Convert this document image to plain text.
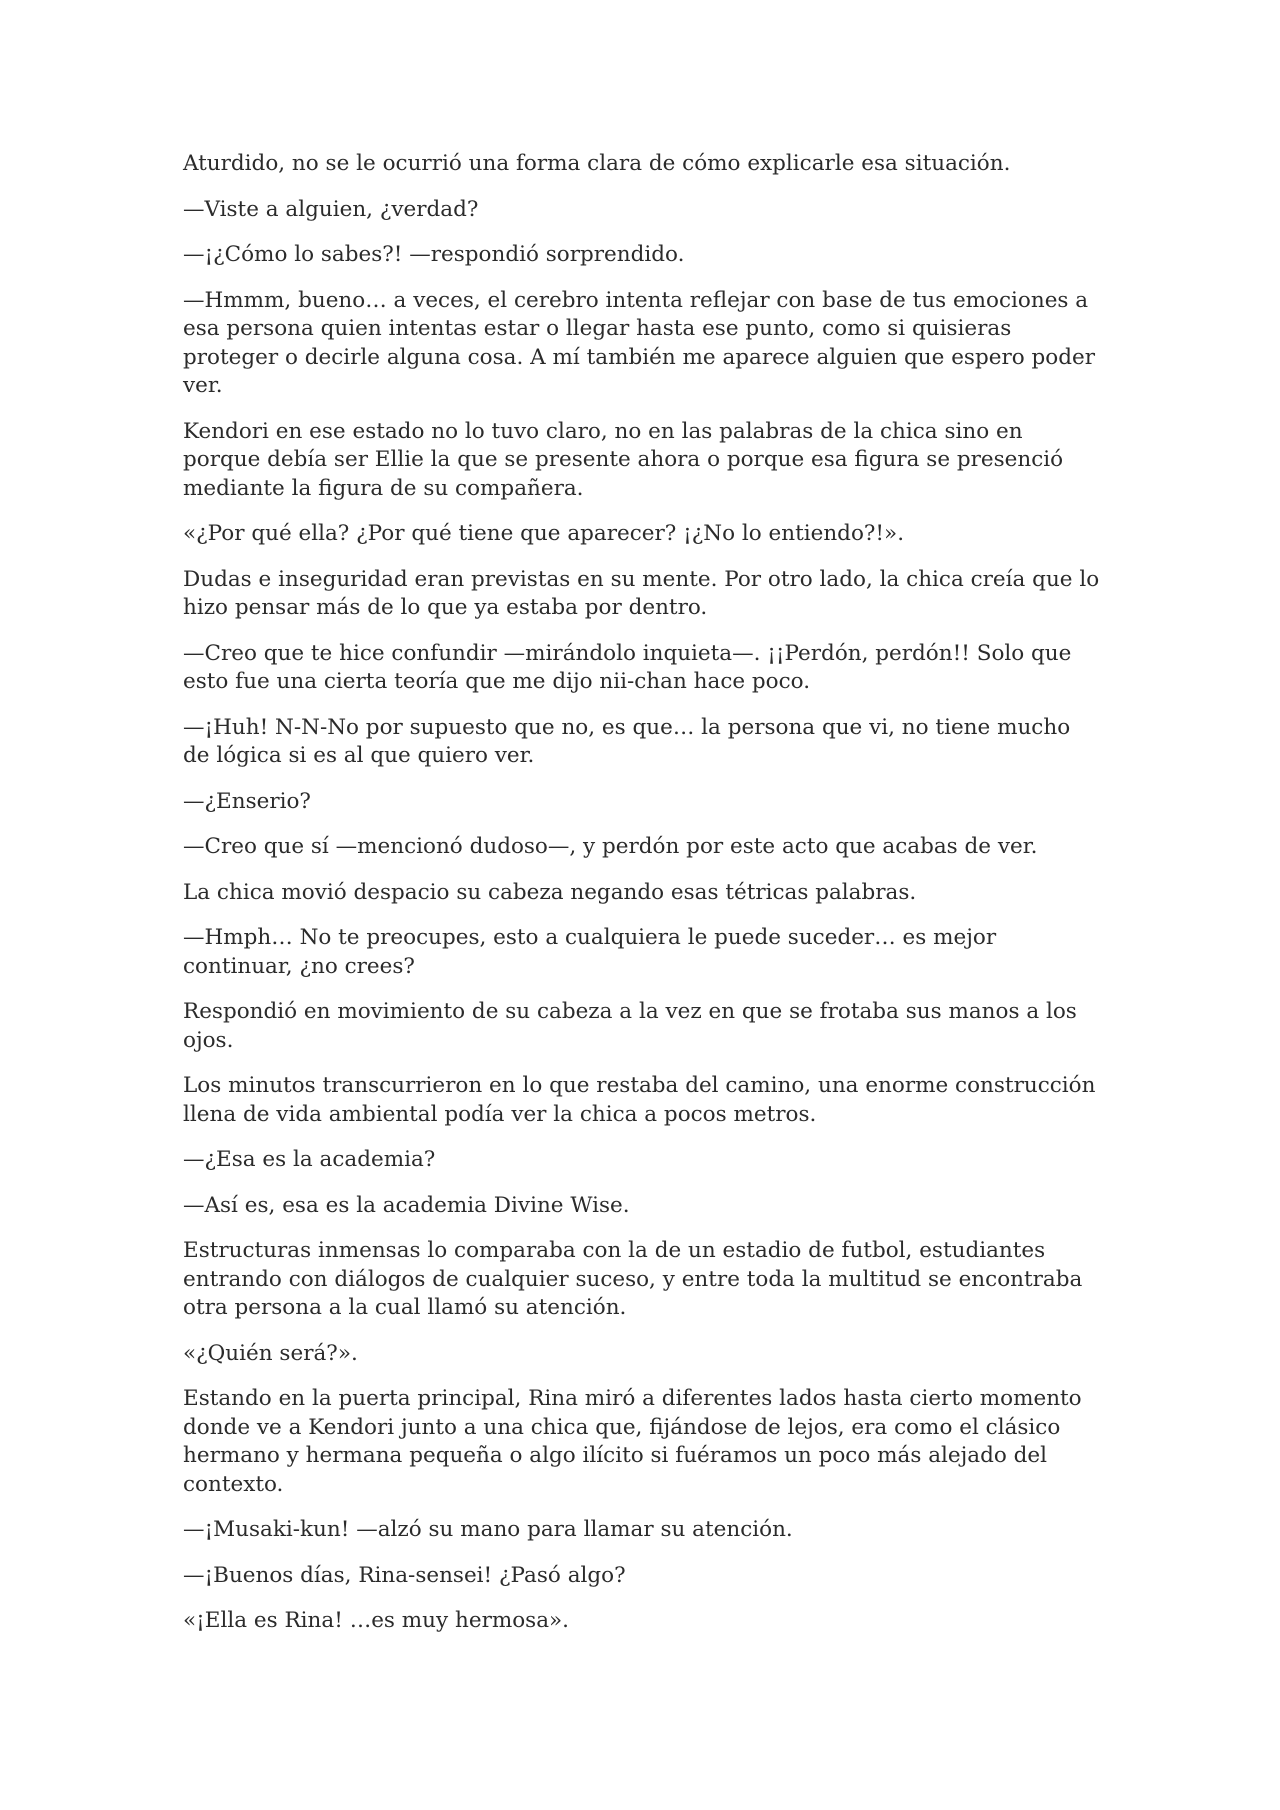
Aturdido, no se le ocurrió una forma clara de cómo explicarle esa situación.

—Viste a alguien, ¿verdad?

—¡¿Cómo lo sabes?! —respondió sorprendido.

—Hmmm, bueno… a veces, el cerebro intenta reflejar con base de tus emociones a esa persona quien intentas estar o llegar hasta ese punto, como si quisieras proteger o decirle alguna cosa. A mí también me aparece alguien que espero poder ver.

Kendori en ese estado no lo tuvo claro, no en las palabras de la chica sino en porque debía ser Ellie la que se presente ahora o porque esa figura se presenció mediante la figura de su compañera.

«¿Por qué ella? ¿Por qué tiene que aparecer? ¡¿No lo entiendo?!».

Dudas e inseguridad eran previstas en su mente. Por otro lado, la chica creía que lo hizo pensar más de lo que ya estaba por dentro.

—Creo que te hice confundir —mirándolo inquieta—. ¡¡Perdón, perdón!! Solo que esto fue una cierta teoría que me dijo nii-chan hace poco.

—¡Huh! N-N-No por supuesto que no, es que… la persona que vi, no tiene mucho de lógica si es al que quiero ver.

—¿Enserio?

—Creo que sí —mencionó dudoso—, y perdón por este acto que acabas de ver.

La chica movió despacio su cabeza negando esas tétricas palabras.

—Hmph… No te preocupes, esto a cualquiera le puede suceder… es mejor continuar, ¿no crees?

Respondió en movimiento de su cabeza a la vez en que se frotaba sus manos a los ojos.

Los minutos transcurrieron en lo que restaba del camino, una enorme construcción llena de vida ambiental podía ver la chica a pocos metros.

—¿Esa es la academia?

—Así es, esa es la academia Divine Wise.

Estructuras inmensas lo comparaba con la de un estadio de futbol, estudiantes entrando con diálogos de cualquier suceso, y entre toda la multitud se encontraba otra persona a la cual llamó su atención.

«¿Quién será?».

Estando en la puerta principal, Rina miró a diferentes lados hasta cierto momento donde ve a Kendori junto a una chica que, fijándose de lejos, era como el clásico hermano y hermana pequeña o algo ilícito si fuéramos un poco más alejado del contexto.

—¡Musaki-kun! —alzó su mano para llamar su atención.

—¡Buenos días, Rina-sensei! ¿Pasó algo?

«¡Ella es Rina! …es muy hermosa».
